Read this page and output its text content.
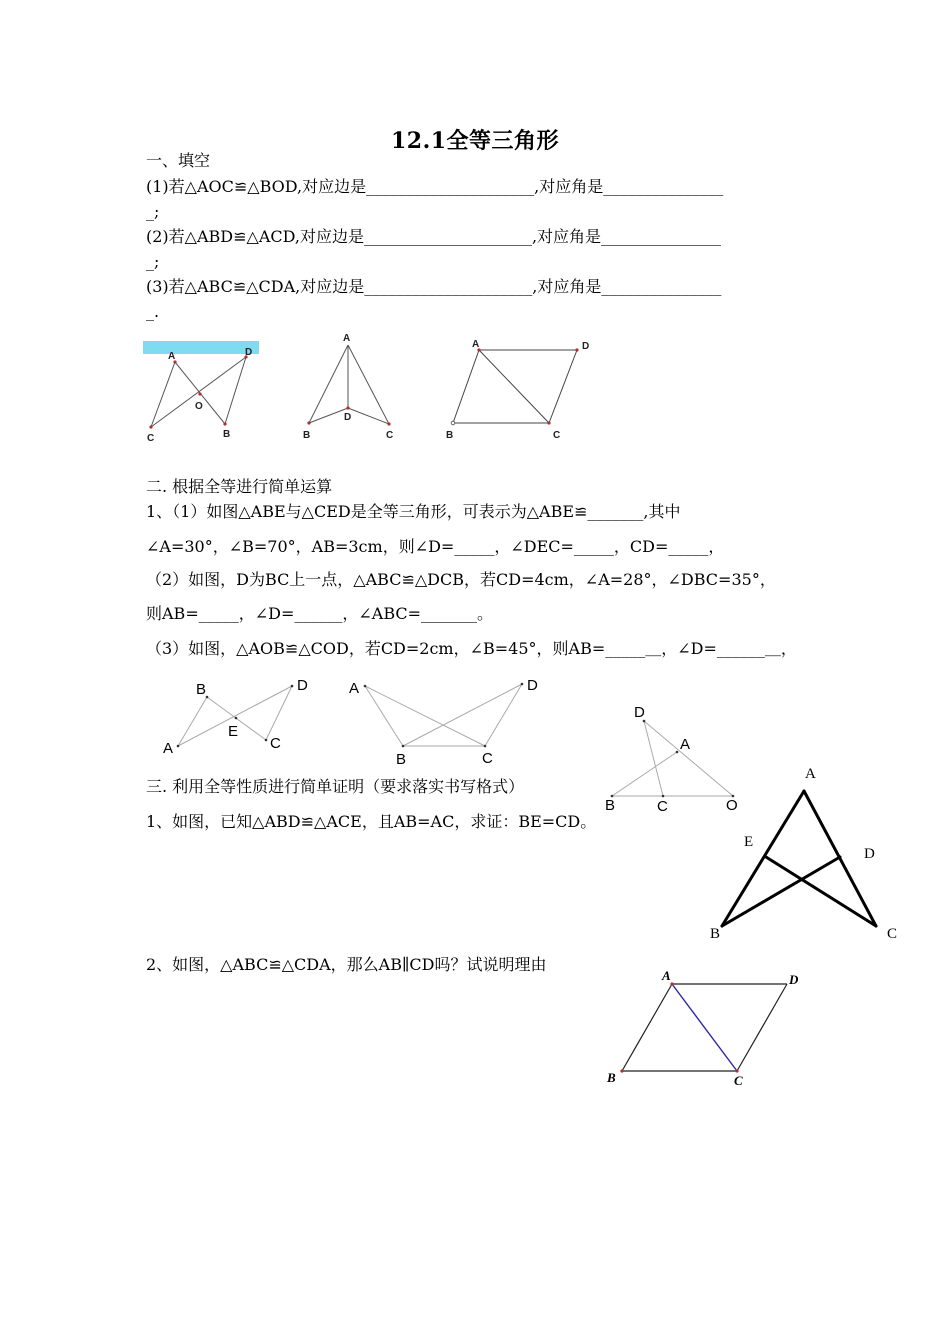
12.1全等三角形
一、填空
(1)若△AOC≌△BOD,对应边是_____________________,对应角是_______________
_;
(2)若△ABD≌△ACD,对应边是_____________________,对应角是_______________
_;
(3)若△ABC≌△CDA,对应边是_____________________,对应角是_______________
_.
A	D
O
C	B
A
D
B	C
A	D
B	C
二. 根据全等进行简单运算
1、（1）如图△ABE与△CED是全等三角形，可表示为△ABE≌_______,其中
∠A=30°，∠B=70°，AB=3cm，则∠D=_____，∠DEC=_____，CD=_____，
（2）如图，D为BC上一点，△ABC≌△DCB，若CD=4cm，∠A=28°，∠DBC=35°，
则AB=_____，∠D=______，∠ABC=_______。
（3）如图，△AOB≌△COD，若CD=2cm，∠B=45°，则AB=_____＿，∠D=______＿，
B	D
E
A	C
A	D
B	C
D
A
B	C	O
三. 利用全等性质进行简单证明（要求落实书写格式）
1、如图，已知△ABD≌△ACE，且AB=AC，求证：BE=CD。
A
E
D
B	C
2、如图，△ABC≌△CDA，那么AB∥CD吗？试说明理由
A	D
B	C
